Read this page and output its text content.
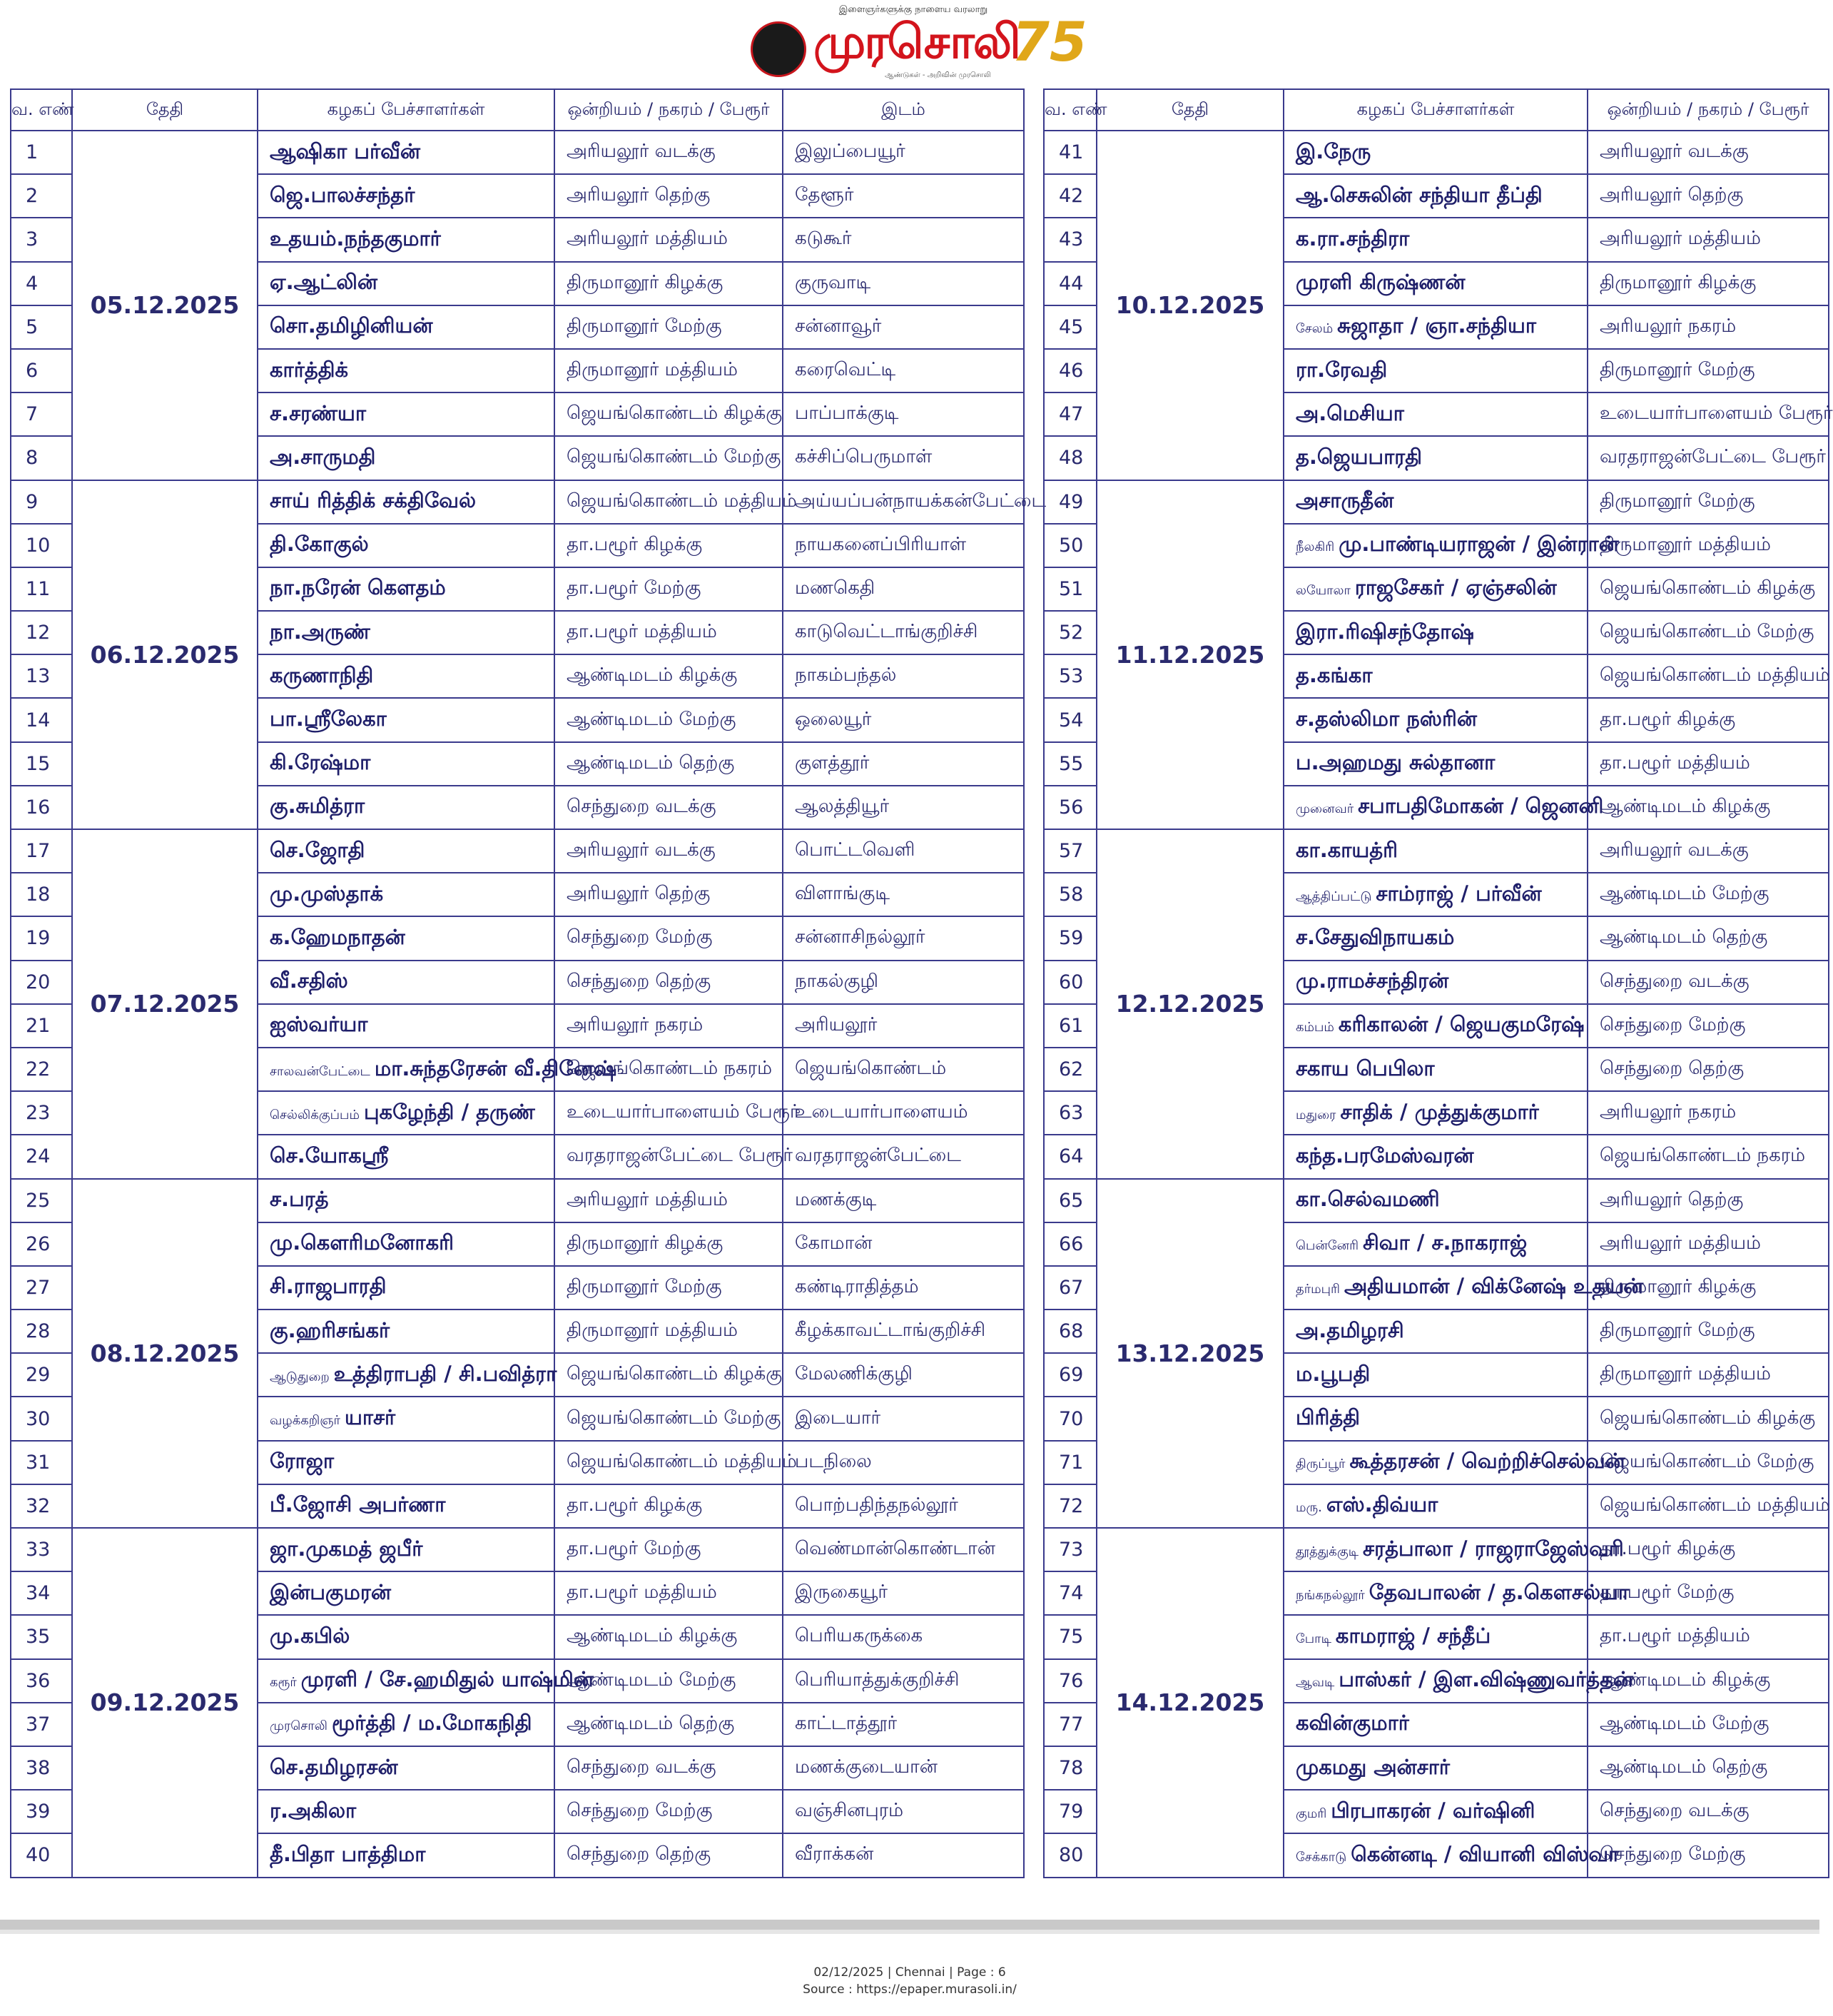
இளைஞர்களுக்கு நாளைய வரலாறு
முரசொலி
75
ஆண்டுகள் - அறிவின் முரசொலி
வ. எண்	தேதி	கழகப் பேச்சாளர்கள்	ஒன்றியம் / நகரம் / பேரூர்	இடம்
1	05.12.2025	ஆஷிகா பர்வீன்	அரியலூர் வடக்கு	இலுப்பையூர்
2		ஜெ.பாலச்சந்தர்	அரியலூர் தெற்கு	தேளூர்
3		உதயம்.நந்தகுமார்	அரியலூர் மத்தியம்	கடுகூர்
4		ஏ.ஆட்லின்	திருமானூர் கிழக்கு	குருவாடி
5		சொ.தமிழினியன்	திருமானூர் மேற்கு	சன்னாவூர்
6		கார்த்திக்	திருமானூர் மத்தியம்	கரைவெட்டி
7		ச.சரண்யா	ஜெயங்கொண்டம் கிழக்கு	பாப்பாக்குடி
8		அ.சாருமதி	ஜெயங்கொண்டம் மேற்கு	கச்சிப்பெருமாள்
9	06.12.2025	சாய் ரித்திக் சக்திவேல்	ஜெயங்கொண்டம் மத்தியம்	அய்யப்பன்நாயக்கன்பேட்டை
10		தி.கோகுல்	தா.பழூர் கிழக்கு	நாயகனைப்பிரியாள்
11		நா.நரேன் கௌதம்	தா.பழூர் மேற்கு	மணகெதி
12		நா.அருண்	தா.பழூர் மத்தியம்	காடுவெட்டாங்குறிச்சி
13		கருணாநிதி	ஆண்டிமடம் கிழக்கு	நாகம்பந்தல்
14		பா.ஸ்ரீலேகா	ஆண்டிமடம் மேற்கு	ஒலையூர்
15		கி.ரேஷ்மா	ஆண்டிமடம் தெற்கு	குளத்தூர்
16		கு.சுமித்ரா	செந்துறை வடக்கு	ஆலத்தியூர்
17	07.12.2025	செ.ஜோதி	அரியலூர் வடக்கு	பொட்டவெளி
18		மு.முஸ்தாக்	அரியலூர் தெற்கு	விளாங்குடி
19		க.ஹேமநாதன்	செந்துறை மேற்கு	சன்னாசிநல்லூர்
20		வீ.சதிஸ்	செந்துறை தெற்கு	நாகல்குழி
21		ஐஸ்வர்யா	அரியலூர் நகரம்	அரியலூர்
22		சாலவன்பேட்டை மா.சுந்தரேசன் வீ.தினேஷ்	ஜெயங்கொண்டம் நகரம்	ஜெயங்கொண்டம்
23		செல்லிக்குப்பம் புகழேந்தி / தருண்	உடையார்பாளையம் பேரூர்	உடையார்பாளையம்
24		செ.யோகஸ்ரீ	வரதராஜன்பேட்டை பேரூர்	வரதராஜன்பேட்டை
25	08.12.2025	ச.பரத்	அரியலூர் மத்தியம்	மணக்குடி
26		மு.கௌரிமனோகரி	திருமானூர் கிழக்கு	கோமான்
27		சி.ராஜபாரதி	திருமானூர் மேற்கு	கண்டிராதித்தம்
28		கு.ஹரிசங்கர்	திருமானூர் மத்தியம்	கீழக்காவட்டாங்குறிச்சி
29		ஆடுதுறை உத்திராபதி / சி.பவித்ரா	ஜெயங்கொண்டம் கிழக்கு	மேலணிக்குழி
30		வழக்கறிஞர் யாசர்	ஜெயங்கொண்டம் மேற்கு	இடையார்
31		ரோஜா	ஜெயங்கொண்டம் மத்தியம்	படநிலை
32		பீ.ஜோசி அபர்ணா	தா.பழூர் கிழக்கு	பொற்பதிந்தநல்லூர்
33	09.12.2025	ஜா.முகமத் ஜபீர்	தா.பழூர் மேற்கு	வெண்மான்கொண்டான்
34		இன்பகுமரன்	தா.பழூர் மத்தியம்	இருகையூர்
35		மு.கபில்	ஆண்டிமடம் கிழக்கு	பெரியகருக்கை
36		கரூர் முரளி / சே.ஹமிதுல் யாஷ்மின்	ஆண்டிமடம் மேற்கு	பெரியாத்துக்குறிச்சி
37		முரசொலி மூர்த்தி / ம.மோகநிதி	ஆண்டிமடம் தெற்கு	காட்டாத்தூர்
38		செ.தமிழரசன்	செந்துறை வடக்கு	மணக்குடையான்
39		ர.அகிலா	செந்துறை மேற்கு	வஞ்சினபுரம்
40		தீ.பிதா பாத்திமா	செந்துறை தெற்கு	வீராக்கன்
வ. எண்	தேதி	கழகப் பேச்சாளர்கள்	ஒன்றியம் / நகரம் / பேரூர்
41	10.12.2025	இ.நேரு	அரியலூர் வடக்கு
42		ஆ.செசுலின் சந்தியா தீப்தி	அரியலூர் தெற்கு
43		க.ரா.சந்திரா	அரியலூர் மத்தியம்
44		முரளி கிருஷ்ணன்	திருமானூர் கிழக்கு
45		சேலம் சுஜாதா / ஞா.சந்தியா	அரியலூர் நகரம்
46		ரா.ரேவதி	திருமானூர் மேற்கு
47		அ.மெசியா	உடையார்பாளையம் பேரூர்
48		த.ஜெயபாரதி	வரதராஜன்பேட்டை பேரூர்
49	11.12.2025	அசாருதீன்	திருமானூர் மேற்கு
50		நீலகிரி மு.பாண்டியராஜன் / இன்ரான்	திருமானூர் மத்தியம்
51		லயோலா ராஜசேகர் / ஏஞ்சலின்	ஜெயங்கொண்டம் கிழக்கு
52		இரா.ரிஷிசந்தோஷ்	ஜெயங்கொண்டம் மேற்கு
53		த.கங்கா	ஜெயங்கொண்டம் மத்தியம்
54		ச.தஸ்லிமா நஸ்ரின்	தா.பழூர் கிழக்கு
55		ப.அஹமது சுல்தானா	தா.பழூர் மத்தியம்
56		முனைவர் சபாபதிமோகன் / ஜெனனி	ஆண்டிமடம் கிழக்கு
57	12.12.2025	கா.காயத்ரி	அரியலூர் வடக்கு
58		ஆத்திப்பட்டு சாம்ராஜ் / பர்வீன்	ஆண்டிமடம் மேற்கு
59		ச.சேதுவிநாயகம்	ஆண்டிமடம் தெற்கு
60		மு.ராமச்சந்திரன்	செந்துறை வடக்கு
61		கம்பம் கரிகாலன் / ஜெயகுமரேஷ்	செந்துறை மேற்கு
62		சகாய பெபிலா	செந்துறை தெற்கு
63		மதுரை சாதிக் / முத்துக்குமார்	அரியலூர் நகரம்
64		கந்த.பரமேஸ்வரன்	ஜெயங்கொண்டம் நகரம்
65	13.12.2025	கா.செல்வமணி	அரியலூர் தெற்கு
66		பென்னேரி சிவா / ச.நாகராஜ்	அரியலூர் மத்தியம்
67		தர்மபுரி அதியமான் / விக்னேஷ் உதயன்	திருமானூர் கிழக்கு
68		அ.தமிழரசி	திருமானூர் மேற்கு
69		ம.பூபதி	திருமானூர் மத்தியம்
70		பிரித்தி	ஜெயங்கொண்டம் கிழக்கு
71		திருப்பூர் கூத்தரசன் / வெற்றிச்செல்வன்	ஜெயங்கொண்டம் மேற்கு
72		மரு. எஸ்.திவ்யா	ஜெயங்கொண்டம் மத்தியம்
73	14.12.2025	தூத்துக்குடி சரத்பாலா / ராஜராஜேஸ்வரி	தா.பழூர் கிழக்கு
74		நங்கநல்லூர் தேவபாலன் / த.கௌசல்யா	தா.பழூர் மேற்கு
75		போடி காமராஜ் / சந்தீப்	தா.பழூர் மத்தியம்
76		ஆவடி பாஸ்கர் / இள.விஷ்ணுவர்த்தன்	ஆண்டிமடம் கிழக்கு
77		கவின்குமார்	ஆண்டிமடம் மேற்கு
78		முகமது அன்சார்	ஆண்டிமடம் தெற்கு
79		குமரி பிரபாகரன் / வர்ஷினி	செந்துறை வடக்கு
80		சேக்காடு கென்னடி / வியானி விஸ்வா	செந்துறை மேற்கு
02/12/2025 | Chennai | Page : 6
Source : https://epaper.murasoli.in/
